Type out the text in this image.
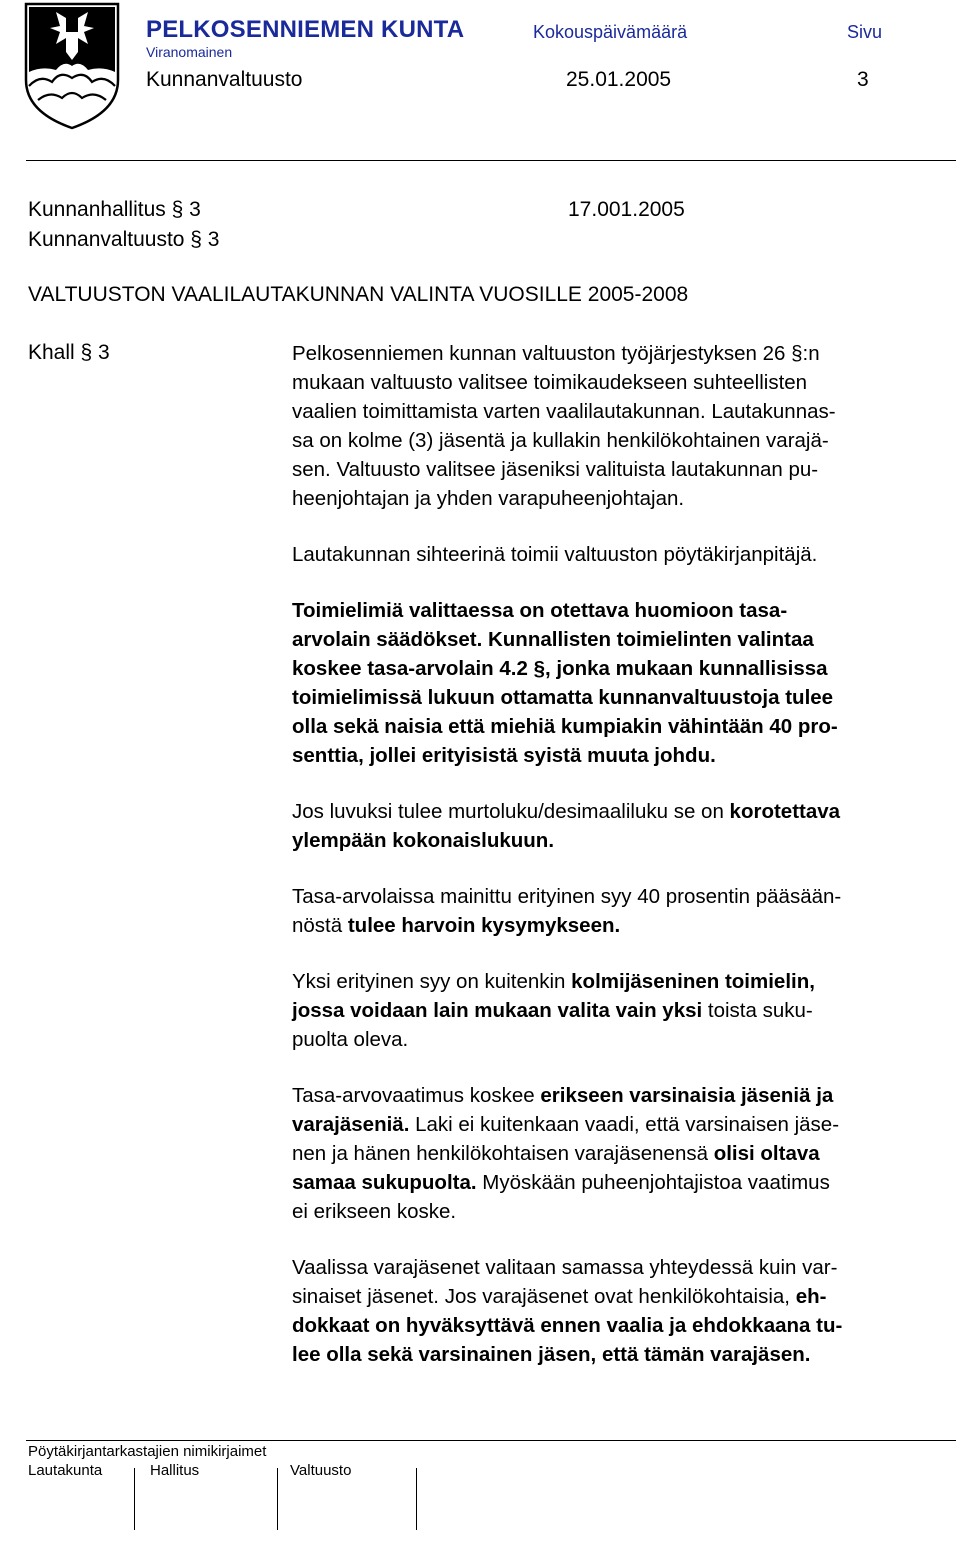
PELKOSENNIEMEN KUNTA	Kokouspäivämäärä	Sivu
Viranomainen
Kunnanvaltuusto	25.01.2005	3
Kunnanhallitus § 3	17.001.2005
Kunnanvaltuusto § 3
VALTUUSTON VAALILAUTAKUNNAN VALINTA VUOSILLE 2005-2008
Khall § 3	Pelkosenniemen kunnan valtuuston työjärjestyksen 26 §:n
mukaan valtuusto valitsee toimikaudekseen suhteellisten
vaalien toimittamista varten vaalilautakunnan. Lautakunnas-
sa on kolme (3) jäsentä ja kullakin henkilökohtainen varajä-
sen. Valtuusto valitsee jäseniksi valituista lautakunnan pu-
heenjohtajan ja yhden varapuheenjohtajan.

Lautakunnan sihteerinä toimii valtuuston pöytäkirjanpitäjä.

Toimielimiä valittaessa on otettava huomioon tasa-
arvolain säädökset. Kunnallisten toimielinten valintaa
koskee tasa-arvolain 4.2 §, jonka mukaan kunnallisissa
toimielimissä lukuun ottamatta kunnanvaltuustoja tulee
olla sekä naisia että miehiä kumpiakin vähintään 40 pro-
senttia, jollei erityisistä syistä muuta johdu.

Jos luvuksi tulee murtoluku/desimaaliluku se on korotettava
ylempään kokonaislukuun.

Tasa-arvolaissa mainittu erityinen syy 40 prosentin pääsään-
nöstä tulee harvoin kysymykseen.

Yksi erityinen syy on kuitenkin kolmijäseninen toimielin,
jossa voidaan lain mukaan valita vain yksi toista suku-
puolta oleva.

Tasa-arvovaatimus koskee erikseen varsinaisia jäseniä ja
varajäseniä. Laki ei kuitenkaan vaadi, että varsinaisen jäse-
nen ja hänen henkilökohtaisen varajäsenensä olisi oltava
samaa sukupuolta. Myöskään puheenjohtajistoa vaatimus
ei erikseen koske.

Vaalissa varajäsenet valitaan samassa yhteydessä kuin var-
sinaiset jäsenet. Jos varajäsenet ovat henkilökohtaisia, eh-
dokkaat on hyväksyttävä ennen vaalia ja ehdokkaana tu-
lee olla sekä varsinainen jäsen, että tämän varajäsen.

Pöytäkirjantarkastajien nimikirjaimet
Lautakunta	Hallitus	Valtuusto
